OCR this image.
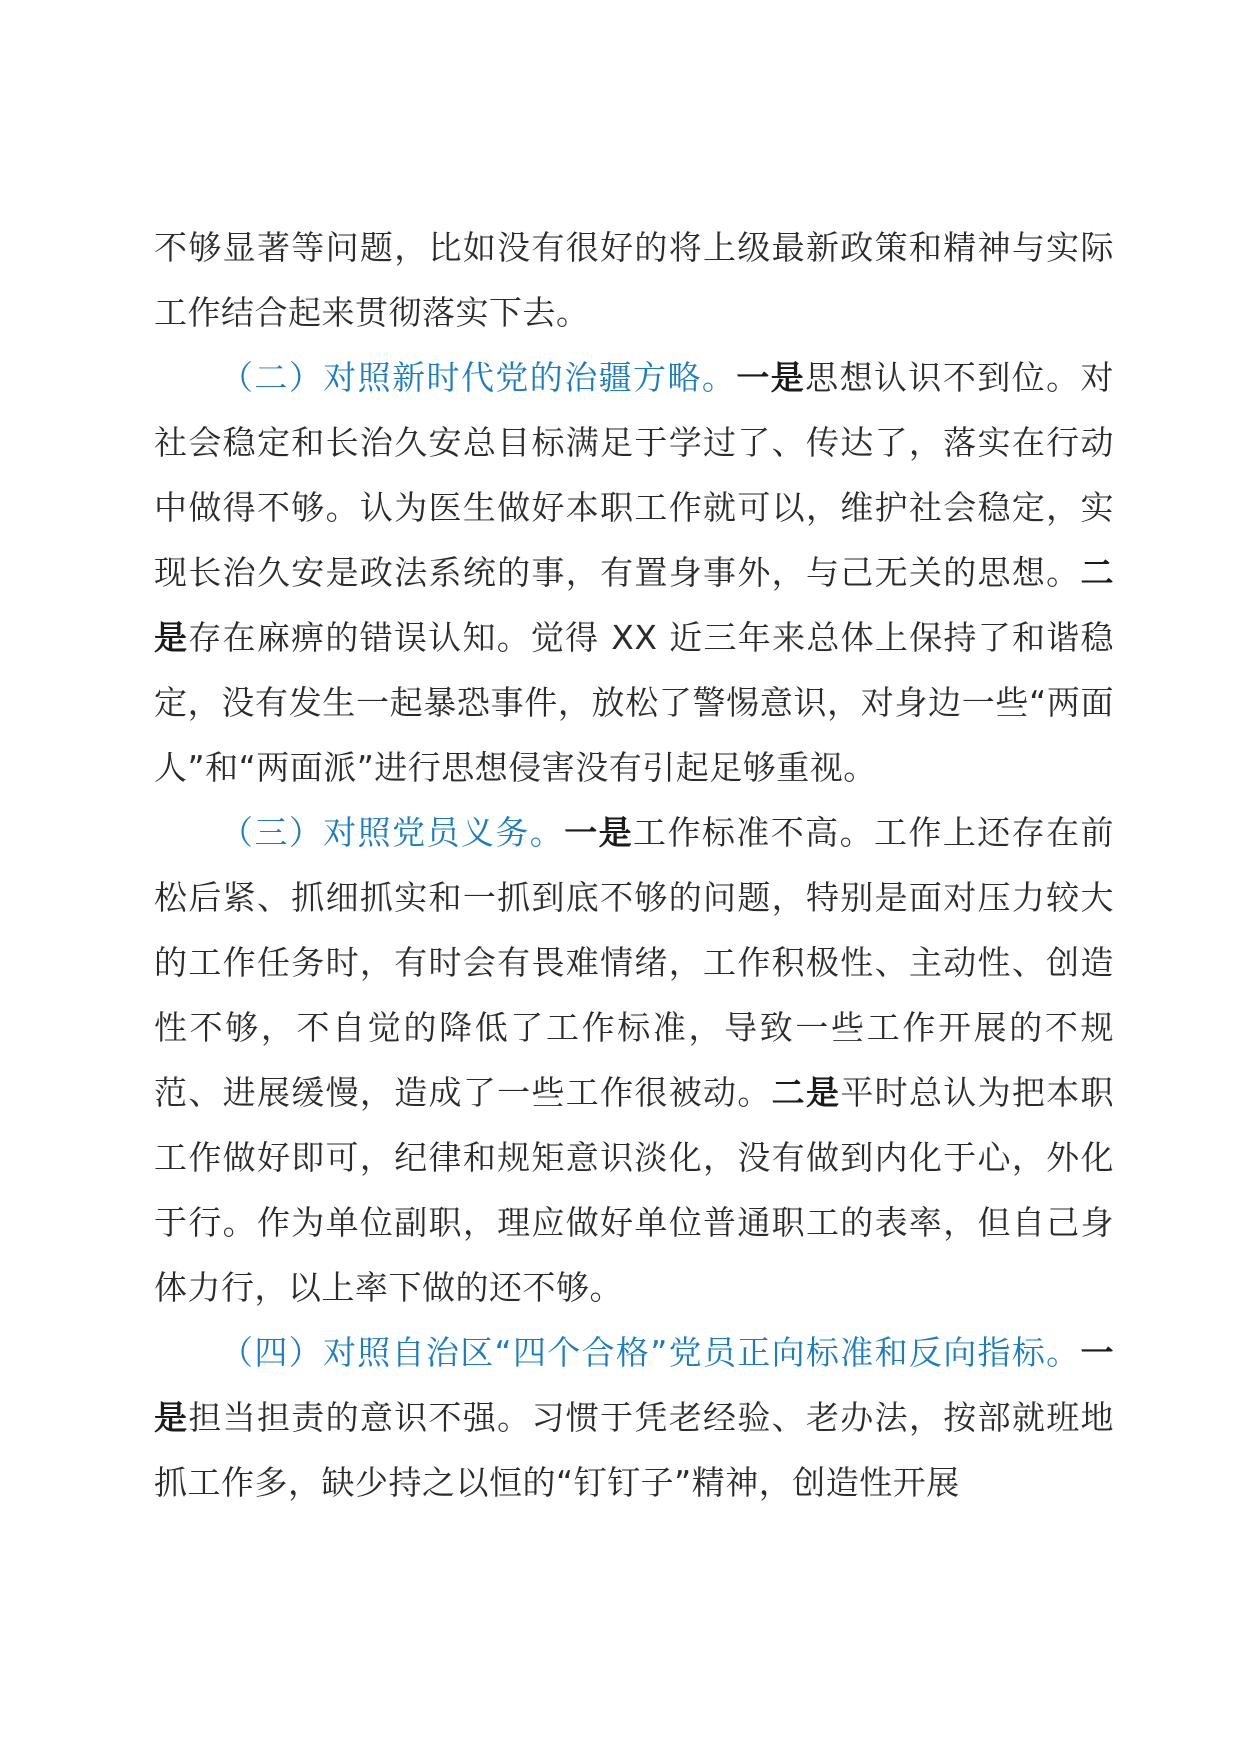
不够显著等问题，比如没有很好的将上级最新政策和精神与实际工作结合起来贯彻落实下去。

（二）对照新时代党的治疆方略。一是思想认识不到位。对社会稳定和长治久安总目标满足于学过了、传达了，落实在行动中做得不够。认为医生做好本职工作就可以，维护社会稳定，实现长治久安是政法系统的事，有置身事外，与己无关的思想。二是存在麻痹的错误认知。觉得 XX 近三年来总体上保持了和谐稳定，没有发生一起暴恐事件，放松了警惕意识，对身边一些“两面人”和“两面派”进行思想侵害没有引起足够重视。

（三）对照党员义务。一是工作标准不高。工作上还存在前松后紧、抓细抓实和一抓到底不够的问题，特别是面对压力较大的工作任务时，有时会有畏难情绪，工作积极性、主动性、创造性不够，不自觉的降低了工作标准，导致一些工作开展的不规范、进展缓慢，造成了一些工作很被动。二是平时总认为把本职工作做好即可，纪律和规矩意识淡化，没有做到内化于心，外化于行。作为单位副职，理应做好单位普通职工的表率，但自己身体力行，以上率下做的还不够。

（四）对照自治区“四个合格”党员正向标准和反向指标。一是担当担责的意识不强。习惯于凭老经验、老办法，按部就班地抓工作多，缺少持之以恒的“钉钉子”精神，创造性开展
